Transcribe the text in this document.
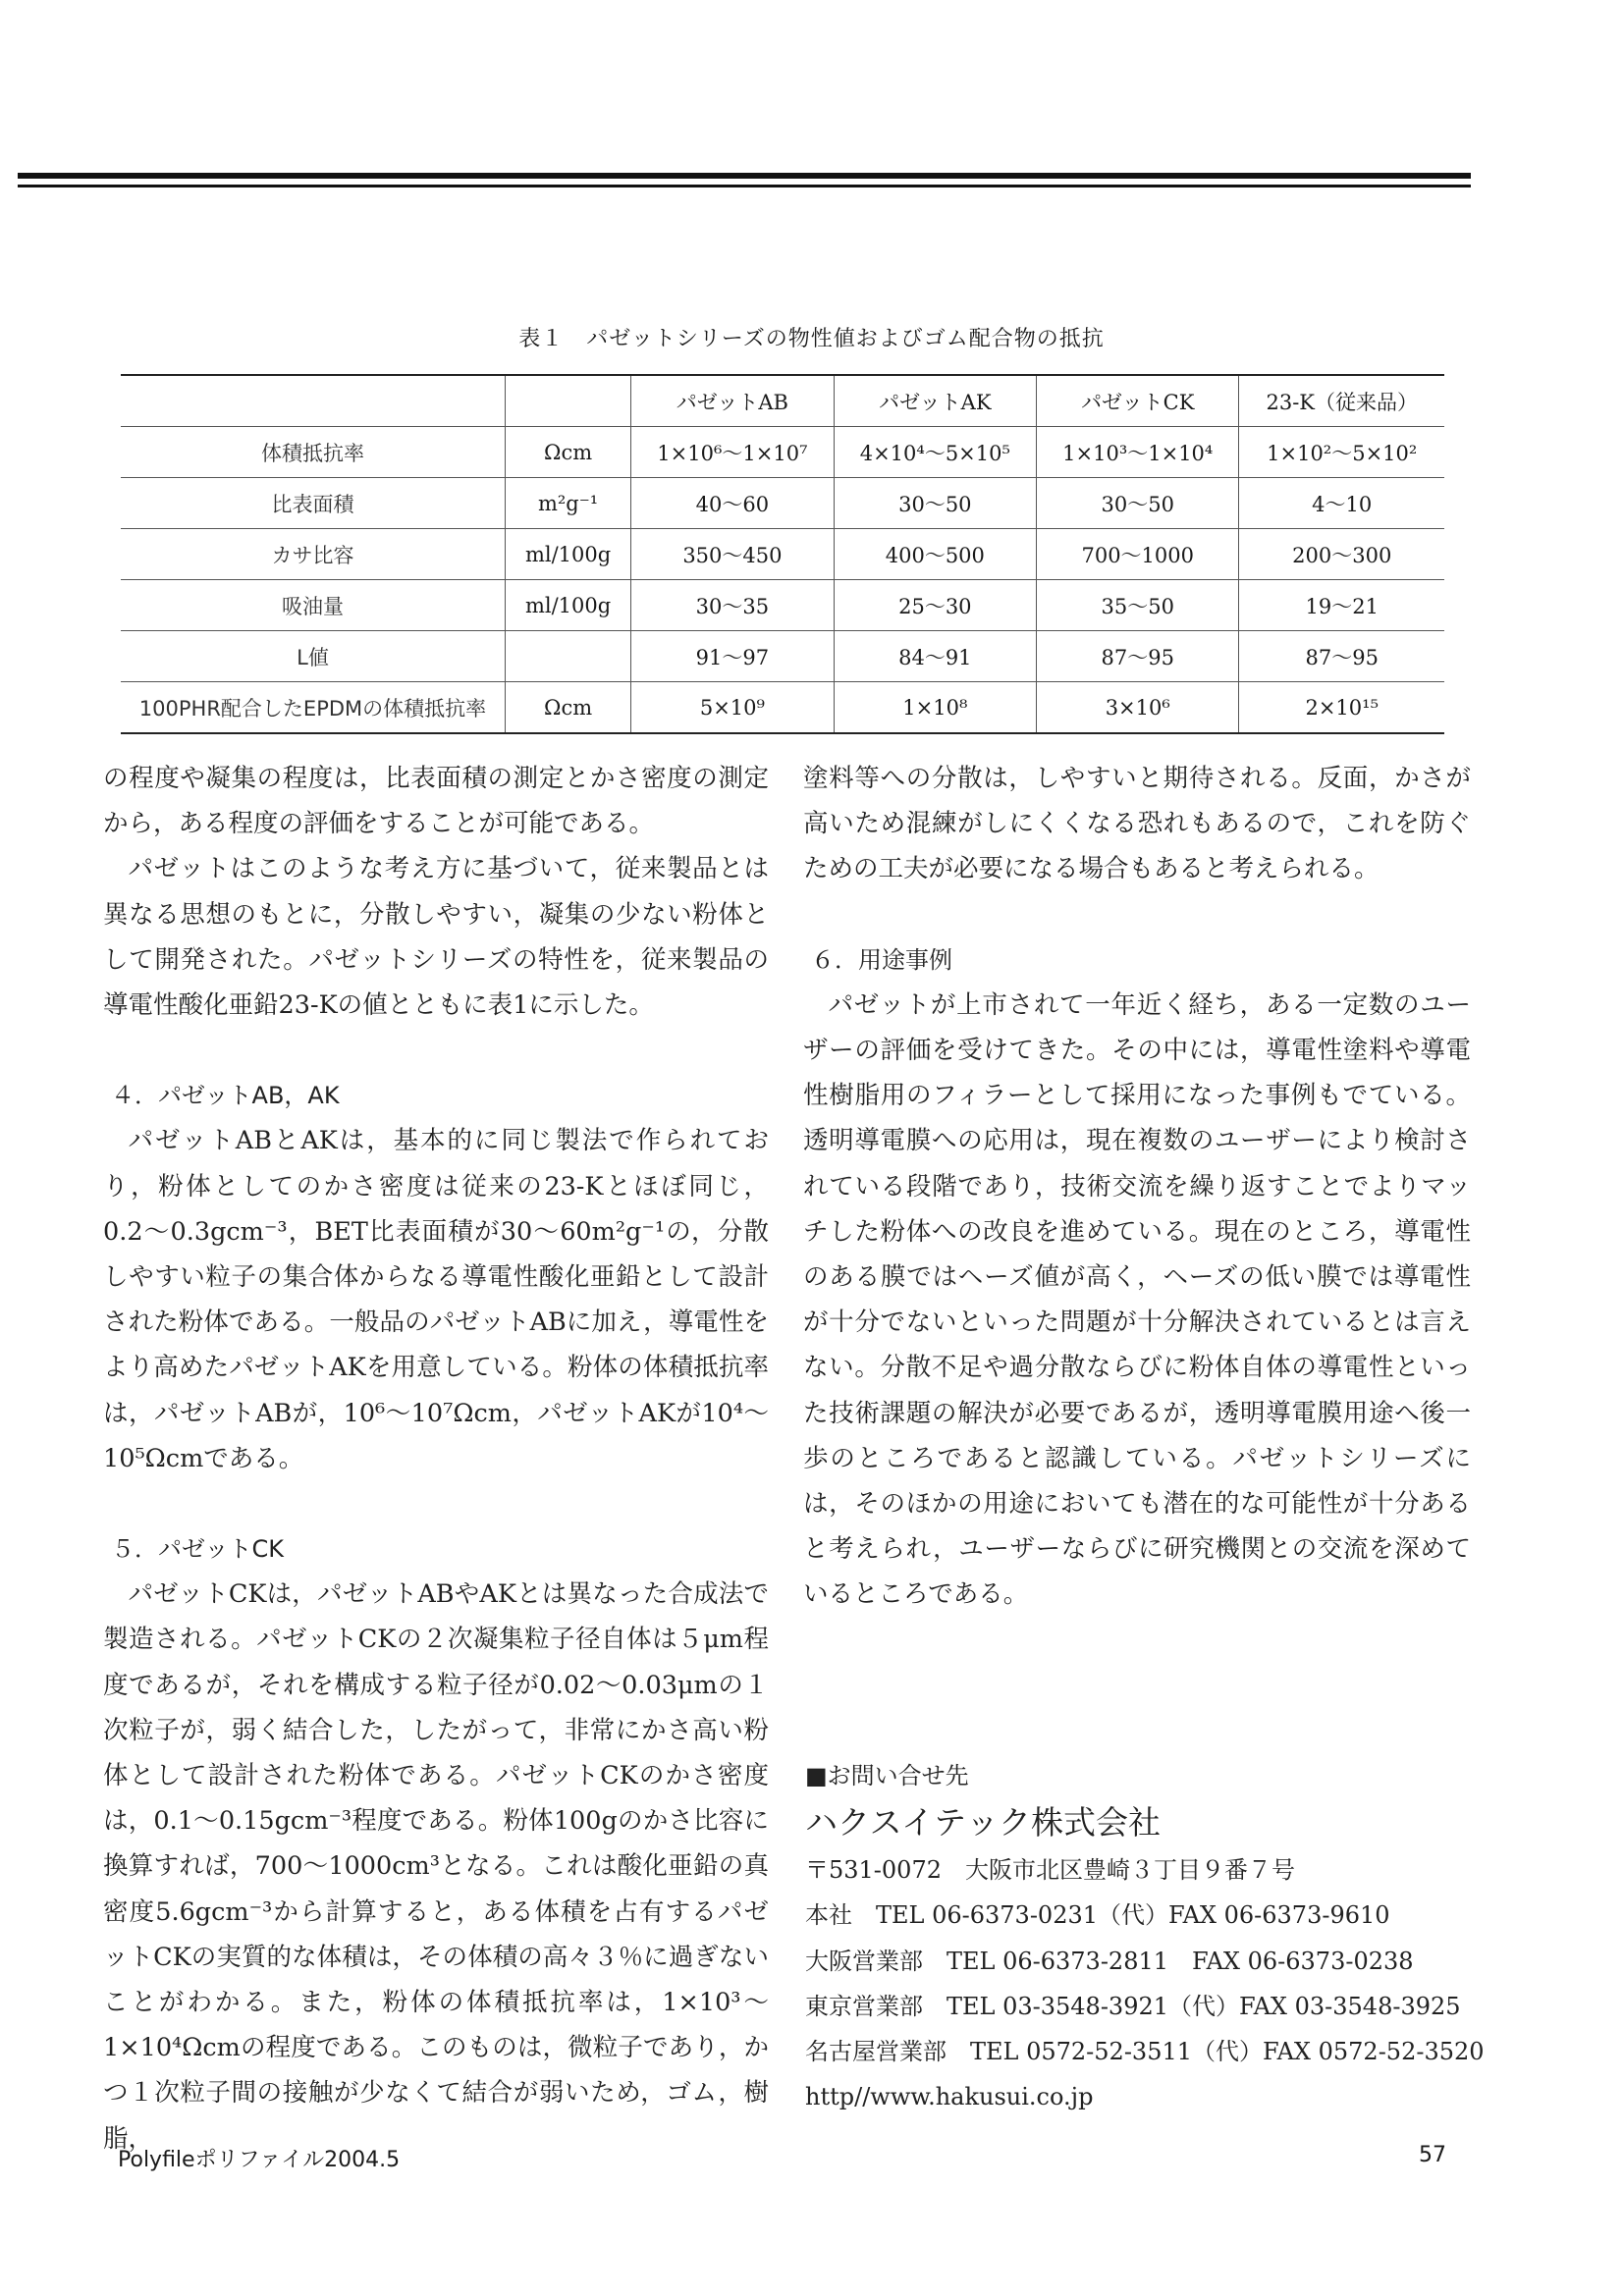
表１　パゼットシリーズの物性値およびゴム配合物の抵抗
		パゼットAB	パゼットAK	パゼットCK	23-K（従来品）
体積抵抗率	Ωcm	1×10⁶〜1×10⁷	4×10⁴〜5×10⁵	1×10³〜1×10⁴	1×10²〜5×10²
比表面積	m²g⁻¹	40〜60	30〜50	30〜50	4〜10
カサ比容	ml/100g	350〜450	400〜500	700〜1000	200〜300
吸油量	ml/100g	30〜35	25〜30	35〜50	19〜21
L値		91〜97	84〜91	87〜95	87〜95
100PHR配合したEPDMの体積抵抗率	Ωcm	5×10⁹	1×10⁸	3×10⁶	2×10¹⁵

の程度や凝集の程度は，比表面積の測定とかさ密度の測定から，ある程度の評価をすることが可能である。

パゼットはこのような考え方に基づいて，従来製品とは異なる思想のもとに，分散しやすい，凝集の少ない粉体として開発された。パゼットシリーズの特性を，従来製品の導電性酸化亜鉛23-Kの値とともに表1に示した。

４．パゼットAB，AK

パゼットABとAKは，基本的に同じ製法で作られており，粉体としてのかさ密度は従来の23-Kとほぼ同じ，0.2〜0.3gcm⁻³，BET比表面積が30〜60m²g⁻¹の，分散しやすい粒子の集合体からなる導電性酸化亜鉛として設計された粉体である。一般品のパゼットABに加え，導電性をより高めたパゼットAKを用意している。粉体の体積抵抗率は，パゼットABが，10⁶〜10⁷Ωcm，パゼットAKが10⁴〜10⁵Ωcmである。

５．パゼットCK

パゼットCKは，パゼットABやAKとは異なった合成法で製造される。パゼットCKの２次凝集粒子径自体は５μm程度であるが，それを構成する粒子径が0.02〜0.03μmの１次粒子が，弱く結合した，したがって，非常にかさ高い粉体として設計された粉体である。パゼットCKのかさ密度は，0.1〜0.15gcm⁻³程度である。粉体100gのかさ比容に換算すれば，700〜1000cm³となる。これは酸化亜鉛の真密度5.6gcm⁻³から計算すると，ある体積を占有するパゼットCKの実質的な体積は，その体積の高々３％に過ぎないことがわかる。また，粉体の体積抵抗率は，1×10³〜1×10⁴Ωcmの程度である。このものは，微粒子であり，かつ１次粒子間の接触が少なくて結合が弱いため，ゴム，樹脂，

塗料等への分散は，しやすいと期待される。反面，かさが高いため混練がしにくくなる恐れもあるので，これを防ぐための工夫が必要になる場合もあると考えられる。

６．用途事例

パゼットが上市されて一年近く経ち，ある一定数のユーザーの評価を受けてきた。その中には，導電性塗料や導電性樹脂用のフィラーとして採用になった事例もでている。透明導電膜への応用は，現在複数のユーザーにより検討されている段階であり，技術交流を繰り返すことでよりマッチした粉体への改良を進めている。現在のところ，導電性のある膜ではヘーズ値が高く，ヘーズの低い膜では導電性が十分でないといった問題が十分解決されているとは言えない。分散不足や過分散ならびに粉体自体の導電性といった技術課題の解決が必要であるが，透明導電膜用途へ後一歩のところであると認識している。パゼットシリーズには，そのほかの用途においても潜在的な可能性が十分あると考えられ，ユーザーならびに研究機関との交流を深めているところである。

■お問い合せ先
ハクスイテック株式会社
〒531-0072　大阪市北区豊崎３丁目９番７号
本社　TEL 06-6373-0231（代）FAX 06-6373-9610
大阪営業部　TEL 06-6373-2811　FAX 06-6373-0238
東京営業部　TEL 03-3548-3921（代）FAX 03-3548-3925
名古屋営業部　TEL 0572-52-3511（代）FAX 0572-52-3520
http//www.hakusui.co.jp
Polyfileポリファイル2004.5	57
